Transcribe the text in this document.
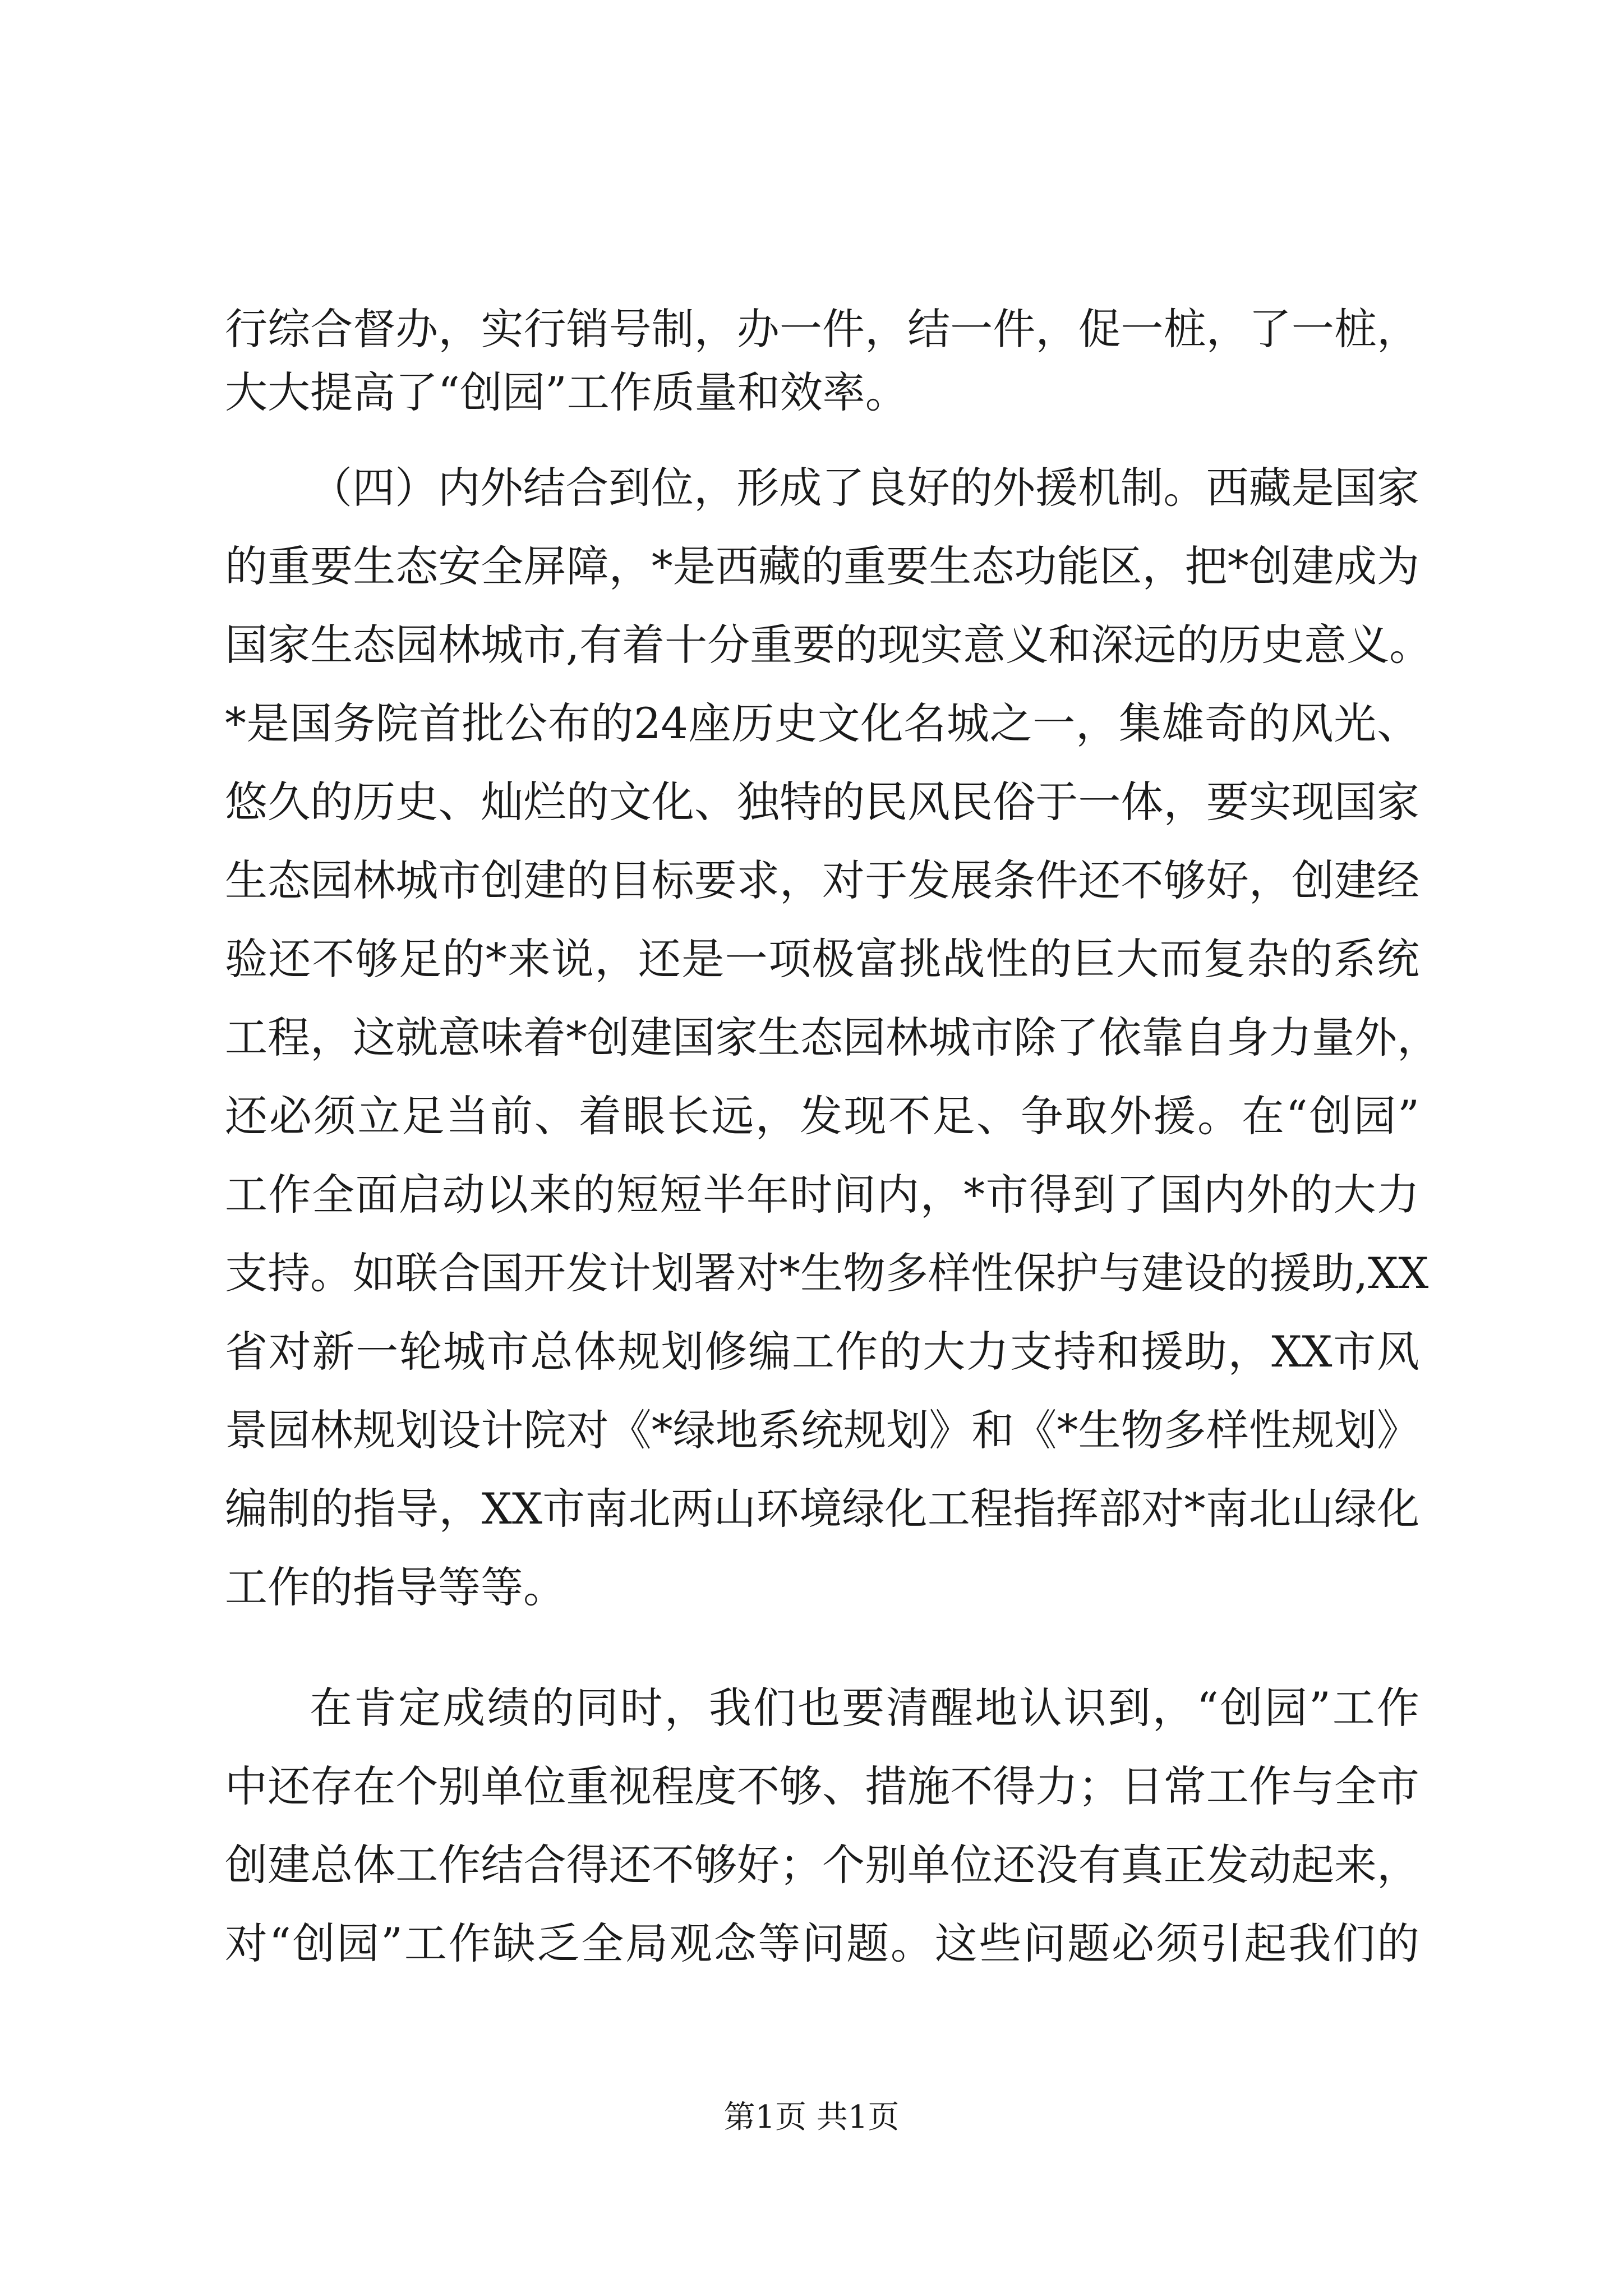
行综合督办，实行销号制，办一件，结一件，促一桩，了一桩，
大大提高了“创园”工作质量和效率。
（四）内外结合到位，形成了良好的外援机制。西藏是国家
的重要生态安全屏障，*是西藏的重要生态功能区，把*创建成为
国家生态园林城市,有着十分重要的现实意义和深远的历史意义。
*是国务院首批公布的24座历史文化名城之一，集雄奇的风光、
悠久的历史、灿烂的文化、独特的民风民俗于一体，要实现国家
生态园林城市创建的目标要求，对于发展条件还不够好，创建经
验还不够足的*来说，还是一项极富挑战性的巨大而复杂的系统
工程，这就意味着*创建国家生态园林城市除了依靠自身力量外，
还必须立足当前、着眼长远，发现不足、争取外援。在“创园”
工作全面启动以来的短短半年时间内，*市得到了国内外的大力
支持。如联合国开发计划署对*生物多样性保护与建设的援助,XX
省对新一轮城市总体规划修编工作的大力支持和援助，XX市风
景园林规划设计院对《*绿地系统规划》和《*生物多样性规划》
编制的指导，XX市南北两山环境绿化工程指挥部对*南北山绿化
工作的指导等等。
在肯定成绩的同时，我们也要清醒地认识到，“创园”工作
中还存在个别单位重视程度不够、措施不得力；日常工作与全市
创建总体工作结合得还不够好；个别单位还没有真正发动起来，
对“创园”工作缺乏全局观念等问题。这些问题必须引起我们的
第1页 共1页
